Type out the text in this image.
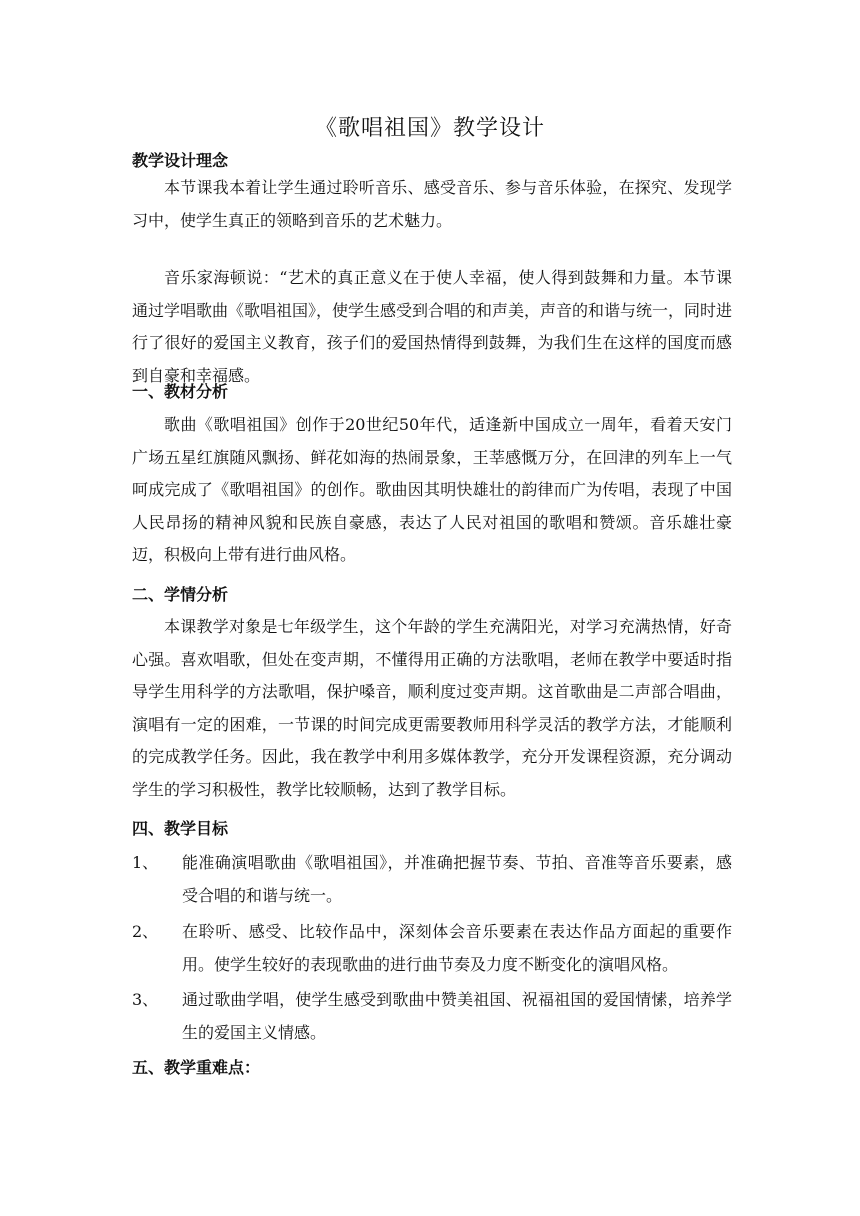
《歌唱祖国》教学设计
教学设计理念
本节课我本着让学生通过聆听音乐、感受音乐、参与音乐体验，在探究、发现学习中，使学生真正的领略到音乐的艺术魅力。
音乐家海顿说：“艺术的真正意义在于使人幸福，使人得到鼓舞和力量。本节课通过学唱歌曲《歌唱祖国》，使学生感受到合唱的和声美，声音的和谐与统一，同时进行了很好的爱国主义教育，孩子们的爱国热情得到鼓舞，为我们生在这样的国度而感到自豪和幸福感。
一、教材分析
歌曲《歌唱祖国》创作于20世纪50年代，适逢新中国成立一周年，看着天安门广场五星红旗随风飘扬、鲜花如海的热闹景象，王莘感慨万分，在回津的列车上一气呵成完成了《歌唱祖国》的创作。歌曲因其明快雄壮的韵律而广为传唱，表现了中国人民昂扬的精神风貌和民族自豪感，表达了人民对祖国的歌唱和赞颂。音乐雄壮豪迈，积极向上带有进行曲风格。
二、学情分析
本课教学对象是七年级学生，这个年龄的学生充满阳光，对学习充满热情，好奇心强。喜欢唱歌，但处在变声期，不懂得用正确的方法歌唱，老师在教学中要适时指导学生用科学的方法歌唱，保护嗓音，顺利度过变声期。这首歌曲是二声部合唱曲，演唱有一定的困难，一节课的时间完成更需要教师用科学灵活的教学方法，才能顺利的完成教学任务。因此，我在教学中利用多媒体教学，充分开发课程资源，充分调动学生的学习积极性，教学比较顺畅，达到了教学目标。
四、教学目标
1、 能准确演唱歌曲《歌唱祖国》，并准确把握节奏、节拍、音准等音乐要素，感受合唱的和谐与统一。
2、 在聆听、感受、比较作品中，深刻体会音乐要素在表达作品方面起的重要作用。使学生较好的表现歌曲的进行曲节奏及力度不断变化的演唱风格。
3、 通过歌曲学唱，使学生感受到歌曲中赞美祖国、祝福祖国的爱国情愫，培养学生的爱国主义情感。
五、教学重难点：
